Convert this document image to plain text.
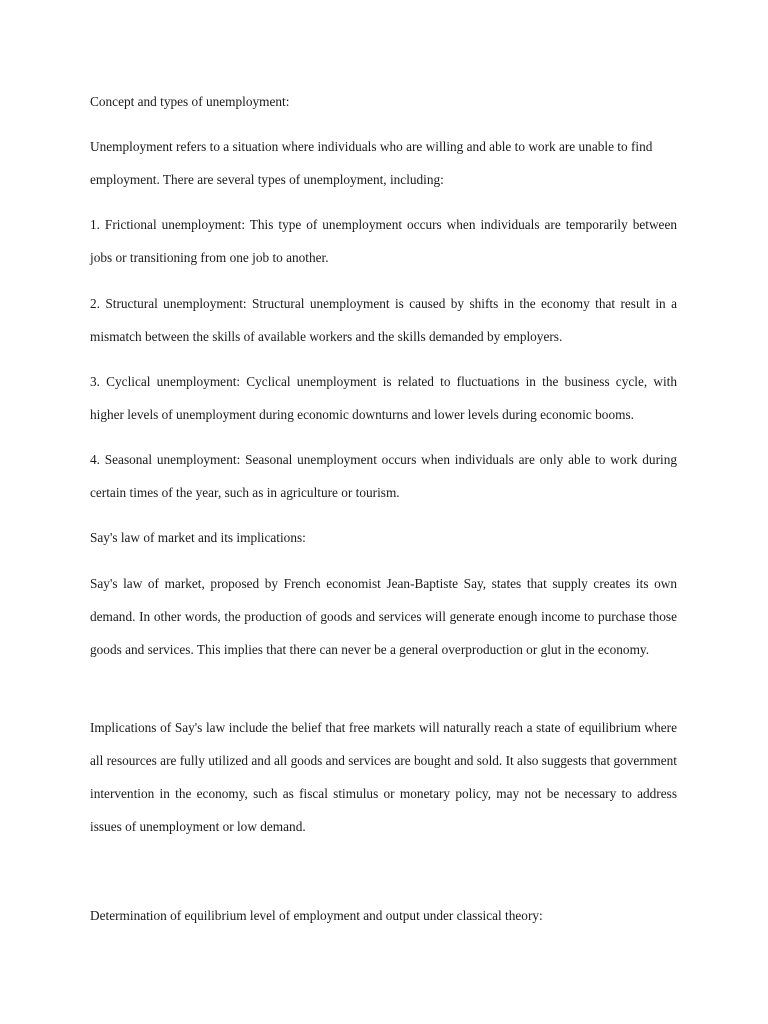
Concept and types of unemployment:

Unemployment refers to a situation where individuals who are willing and able to work are unable to find employment. There are several types of unemployment, including:

1. Frictional unemployment: This type of unemployment occurs when individuals are temporarily between jobs or transitioning from one job to another.

2. Structural unemployment: Structural unemployment is caused by shifts in the economy that result in a mismatch between the skills of available workers and the skills demanded by employers.

3. Cyclical unemployment: Cyclical unemployment is related to fluctuations in the business cycle, with higher levels of unemployment during economic downturns and lower levels during economic booms.

4. Seasonal unemployment: Seasonal unemployment occurs when individuals are only able to work during certain times of the year, such as in agriculture or tourism.

Say's law of market and its implications:

Say's law of market, proposed by French economist Jean-Baptiste Say, states that supply creates its own demand. In other words, the production of goods and services will generate enough income to purchase those goods and services. This implies that there can never be a general overproduction or glut in the economy.

Implications of Say's law include the belief that free markets will naturally reach a state of equilibrium where all resources are fully utilized and all goods and services are bought and sold. It also suggests that government intervention in the economy, such as fiscal stimulus or monetary policy, may not be necessary to address issues of unemployment or low demand.

Determination of equilibrium level of employment and output under classical theory:
